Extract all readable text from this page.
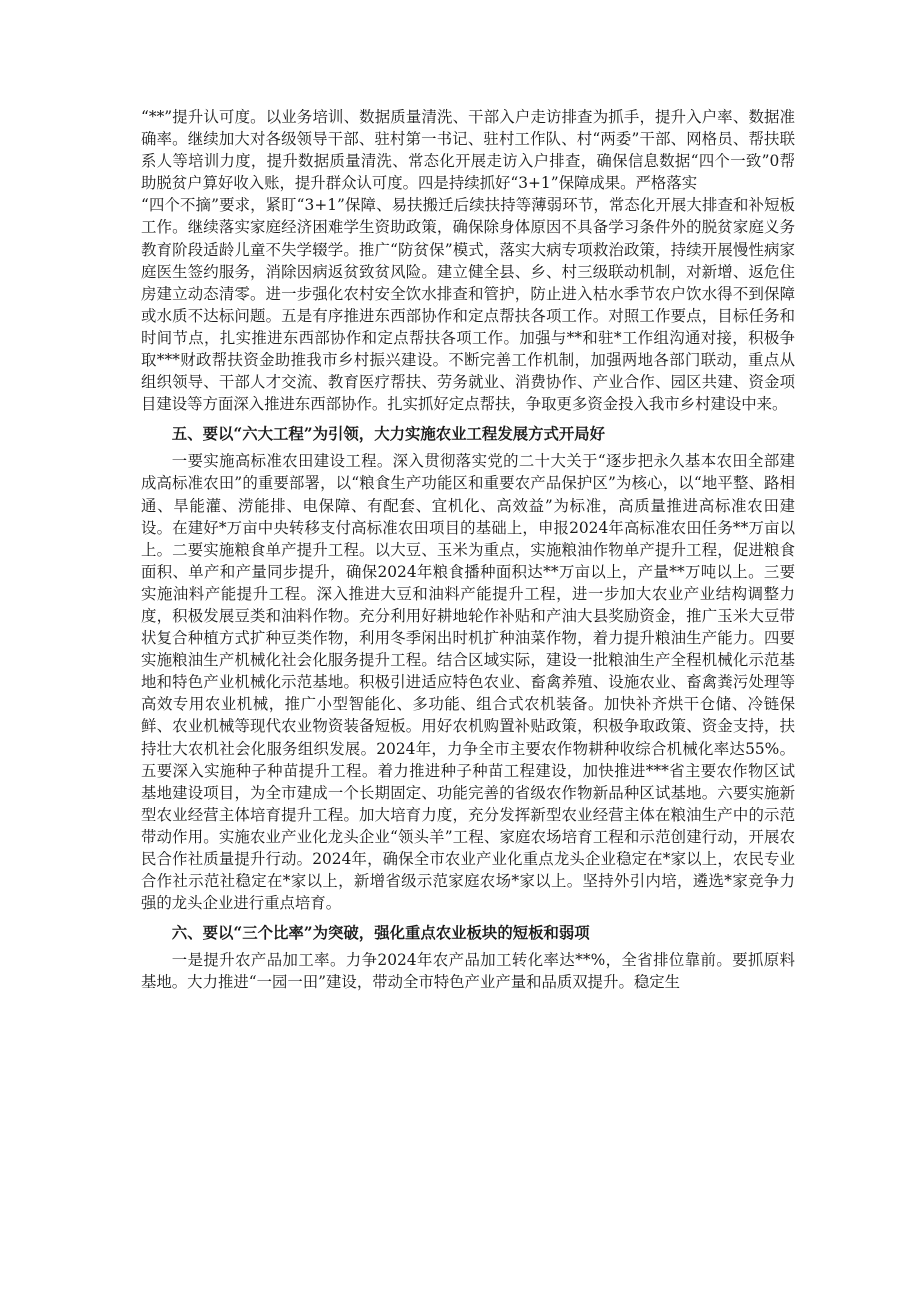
“**”提升认可度。以业务培训、数据质量清洗、干部入户走访排查为抓手，提升入户率、数据准确率。继续加大对各级领导干部、驻村第一书记、驻村工作队、村“两委”干部、网格员、帮扶联系人等培训力度，提升数据质量清洗、常态化开展走访入户排查，确保信息数据“四个一致”0帮助脱贫户算好收入账，提升群众认可度。四是持续抓好“3+1”保障成果。严格落实

“四个不摘”要求，紧盯“3+1”保障、易扶搬迁后续扶持等薄弱环节，常态化开展大排查和补短板工作。继续落实家庭经济困难学生资助政策，确保除身体原因不具备学习条件外的脱贫家庭义务教育阶段适龄儿童不失学辍学。推广“防贫保”模式，落实大病专项救治政策，持续开展慢性病家庭医生签约服务，消除因病返贫致贫风险。建立健全县、乡、村三级联动机制，对新增、返危住房建立动态清零。进一步强化农村安全饮水排查和管护，防止进入枯水季节农户饮水得不到保障或水质不达标问题。五是有序推进东西部协作和定点帮扶各项工作。对照工作要点，目标任务和时间节点，扎实推进东西部协作和定点帮扶各项工作。加强与**和驻*工作组沟通对接，积极争取***财政帮扶资金助推我市乡村振兴建设。不断完善工作机制，加强两地各部门联动，重点从组织领导、干部人才交流、教育医疗帮扶、劳务就业、消费协作、产业合作、园区共建、资金项目建设等方面深入推进东西部协作。扎实抓好定点帮扶，争取更多资金投入我市乡村建设中来。

五、要以“六大工程”为引领，大力实施农业工程发展方式开局好

一要实施高标准农田建设工程。深入贯彻落实党的二十大关于“逐步把永久基本农田全部建成高标准农田”的重要部署，以“粮食生产功能区和重要农产品保护区”为核心，以“地平整、路相通、旱能灌、涝能排、电保障、有配套、宜机化、高效益”为标准，高质量推进高标准农田建设。在建好*万亩中央转移支付高标准农田项目的基础上，申报2024年高标准农田任务**万亩以上。二要实施粮食单产提升工程。以大豆、玉米为重点，实施粮油作物单产提升工程，促进粮食面积、单产和产量同步提升，确保2024年粮食播种面积达**万亩以上，产量**万吨以上。三要实施油料产能提升工程。深入推进大豆和油料产能提升工程，进一步加大农业产业结构调整力度，积极发展豆类和油料作物。充分利用好耕地轮作补贴和产油大县奖励资金，推广玉米大豆带状复合种植方式扩种豆类作物，利用冬季闲出时机扩种油菜作物，着力提升粮油生产能力。四要实施粮油生产机械化社会化服务提升工程。结合区域实际，建设一批粮油生产全程机械化示范基地和特色产业机械化示范基地。积极引进适应特色农业、畜禽养殖、设施农业、畜禽粪污处理等高效专用农业机械，推广小型智能化、多功能、组合式农机装备。加快补齐烘干仓储、冷链保鲜、农业机械等现代农业物资装备短板。用好农机购置补贴政策，积极争取政策、资金支持，扶持壮大农机社会化服务组织发展。2024年，力争全市主要农作物耕种收综合机械化率达55%。五要深入实施种子种苗提升工程。着力推进种子种苗工程建设，加快推进***省主要农作物区试基地建设项目，为全市建成一个长期固定、功能完善的省级农作物新品种区试基地。六要实施新型农业经营主体培育提升工程。加大培育力度，充分发挥新型农业经营主体在粮油生产中的示范带动作用。实施农业产业化龙头企业“领头羊”工程、家庭农场培育工程和示范创建行动，开展农民合作社质量提升行动。2024年，确保全市农业产业化重点龙头企业稳定在*家以上，农民专业合作社示范社稳定在*家以上，新增省级示范家庭农场*家以上。坚持外引内培，遴选*家竞争力强的龙头企业进行重点培育。

六、要以“三个比率”为突破，强化重点农业板块的短板和弱项

一是提升农产品加工率。力争2024年农产品加工转化率达**%，全省排位靠前。要抓原料基地。大力推进“一园一田”建设，带动全市特色产业产量和品质双提升。稳定生
